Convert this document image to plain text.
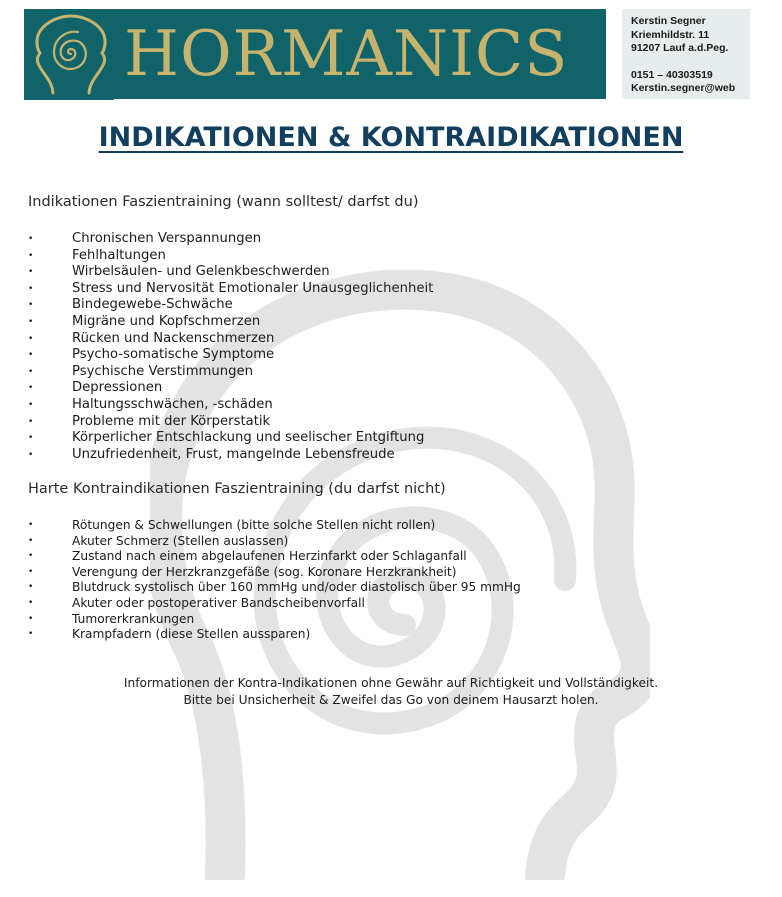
HORMANICS	Kerstin Segner
Kriemhildstr. 11
91207 Lauf a.d.Peg.
0151 – 40303519
Kerstin.segner@web
INDIKATIONEN & KONTRAIDIKATIONEN
Indikationen Faszientraining (wann solltest/ darfst du)
• Chronischen Verspannungen
• Fehlhaltungen
• Wirbelsäulen- und Gelenkbeschwerden
• Stress und Nervosität Emotionaler Unausgeglichenheit
• Bindegewebe-Schwäche
• Migräne und Kopfschmerzen
• Rücken und Nackenschmerzen
• Psycho-somatische Symptome
• Psychische Verstimmungen
• Depressionen
• Haltungsschwächen, -schäden
• Probleme mit der Körperstatik
• Körperlicher Entschlackung und seelischer Entgiftung
• Unzufriedenheit, Frust, mangelnde Lebensfreude
Harte Kontraindikationen Faszientraining (du darfst nicht)
• Rötungen & Schwellungen (bitte solche Stellen nicht rollen)
• Akuter Schmerz (Stellen auslassen)
• Zustand nach einem abgelaufenen Herzinfarkt oder Schlaganfall
• Verengung der Herzkranzgefäße (sog. Koronare Herzkrankheit)
• Blutdruck systolisch über 160 mmHg und/oder diastolisch über 95 mmHg
• Akuter oder postoperativer Bandscheibenvorfall
• Tumorerkrankungen
• Krampfadern (diese Stellen aussparen)

Informationen der Kontra-Indikationen ohne Gewähr auf Richtigkeit und Vollständigkeit.
Bitte bei Unsicherheit & Zweifel das Go von deinem Hausarzt holen.
